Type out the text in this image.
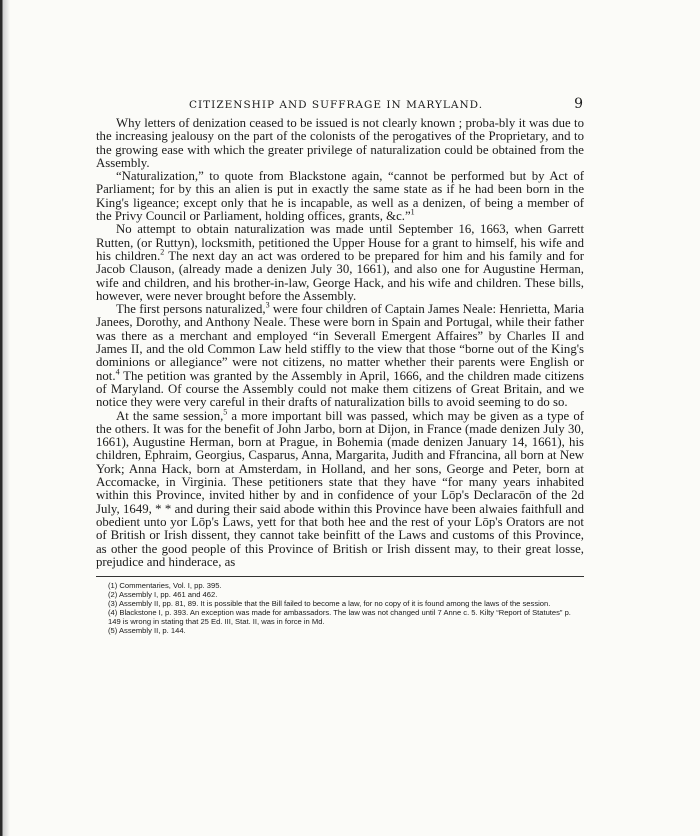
CITIZENSHIP AND SUFFRAGE IN MARYLAND.	9

Why letters of denization ceased to be issued is not clearly known ; proba-bly it was due to the increasing jealousy on the part of the colonists of the perogatives of the Proprietary, and to the growing ease with which the greater privilege of naturalization could be obtained from the Assembly.

“Naturalization,” to quote from Blackstone again, “cannot be performed but by Act of Parliament; for by this an alien is put in exactly the same state as if he had been born in the King's ligeance; except only that he is incapable, as well as a denizen, of being a member of the Privy Council or Parliament, holding offices, grants, &c.”$^1$

No attempt to obtain naturalization was made until September 16, 1663, when Garrett Rutten, (or Ruttyn), locksmith, petitioned the Upper House for a grant to himself, his wife and his children.$^2$ The next day an act was ordered to be prepared for him and his family and for Jacob Clauson, (already made a denizen July 30, 1661), and also one for Augustine Herman, wife and children, and his brother-in-law, George Hack, and his wife and children. These bills, however, were never brought before the Assembly.

The first persons naturalized,$^3$ were four children of Captain James Neale: Henrietta, Maria Janees, Dorothy, and Anthony Neale. These were born in Spain and Portugal, while their father was there as a merchant and employed “in Severall Emergent Affaires” by Charles II and James II, and the old Common Law held stiffly to the view that those “borne out of the King's dominions or allegiance” were not citizens, no matter whether their parents were English or not.$^4$ The petition was granted by the Assembly in April, 1666, and the children made citizens of Maryland. Of course the Assembly could not make them citizens of Great Britain, and we notice they were very careful in their drafts of naturalization bills to avoid seeming to do so.

At the same session,$^5$ a more important bill was passed, which may be given as a type of the others. It was for the benefit of John Jarbo, born at Dijon, in France (made denizen July 30, 1661), Augustine Herman, born at Prague, in Bohemia (made denizen January 14, 1661), his children, Ephraim, Georgius, Casparus, Anna, Margarita, Judith and Ffrancina, all born at New York; Anna Hack, born at Amsterdam, in Holland, and her sons, George and Peter, born at Accomacke, in Virginia. These petitioners state that they have “for many years inhabited within this Province, invited hither by and in confidence of your Lōp's Declaracōn of the 2d July, 1649, * * and during their said abode within this Province have been alwaies faithfull and obedient unto yor Lōp's Laws, yett for that both hee and the rest of your Lōp's Orators are not of British or Irish dissent, they cannot take beinfitt of the Laws and customs of this Province, as other the good people of this Province of British or Irish dissent may, to their great losse, prejudice and hinderace, as

(1) Commentaries, Vol. I, pp. 395.

(2) Assembly I, pp. 461 and 462.

(3) Assembly II, pp. 81, 89. It is possible that the Bill failed to become a law, for no copy of it is found among the laws of the session.

(4) Blackstone I, p. 393. An exception was made for ambassadors. The law was not changed until 7 Anne c. 5. Kilty “Report of Statutes” p. 149 is wrong in stating that 25 Ed. III, Stat. II, was in force in Md.

(5) Assembly II, p. 144.
